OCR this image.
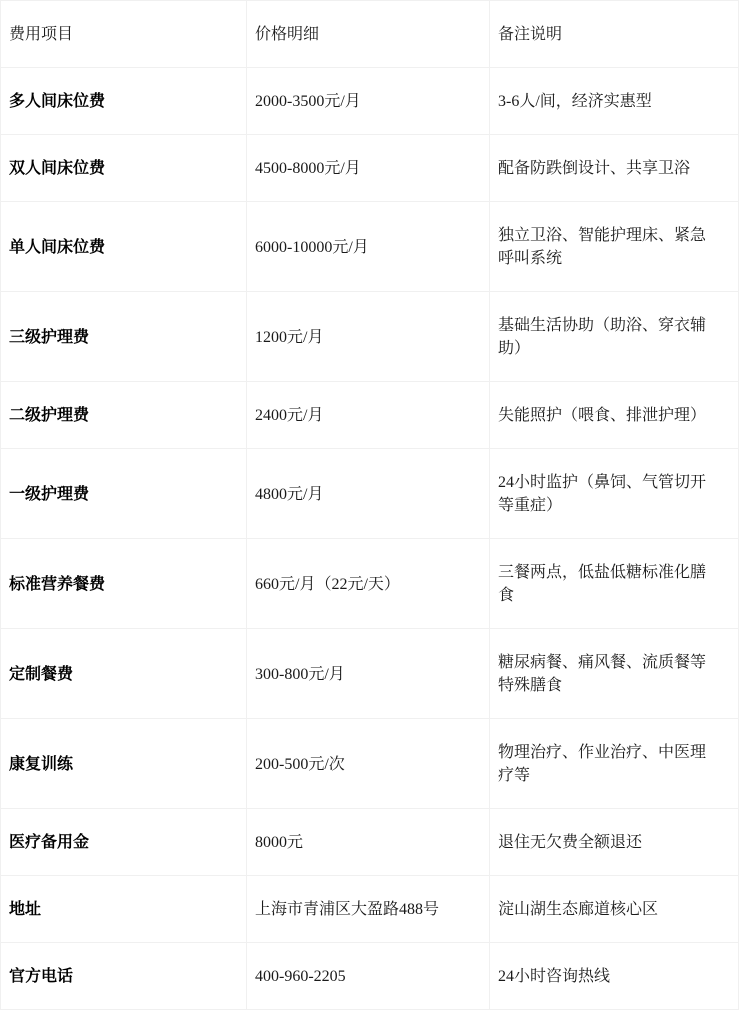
费用项目	价格明细	备注说明
多人间床位费	2000-3500元/月	3-6人/间，经济实惠型
双人间床位费	4500-8000元/月	配备防跌倒设计、共享卫浴
单人间床位费	6000-10000元/月	独立卫浴、智能护理床、紧急呼叫系统
三级护理费	1200元/月	基础生活协助（助浴、穿衣辅助）
二级护理费	2400元/月	失能照护（喂食、排泄护理）
一级护理费	4800元/月	24小时监护（鼻饲、气管切开等重症）
标准营养餐费	660元/月（22元/天）	三餐两点，低盐低糖标准化膳食
定制餐费	300-800元/月	糖尿病餐、痛风餐、流质餐等特殊膳食
康复训练	200-500元/次	物理治疗、作业治疗、中医理疗等
医疗备用金	8000元	退住无欠费全额退还
地址	上海市青浦区大盈路488号	淀山湖生态廊道核心区
官方电话	400-960-2205	24小时咨询热线
